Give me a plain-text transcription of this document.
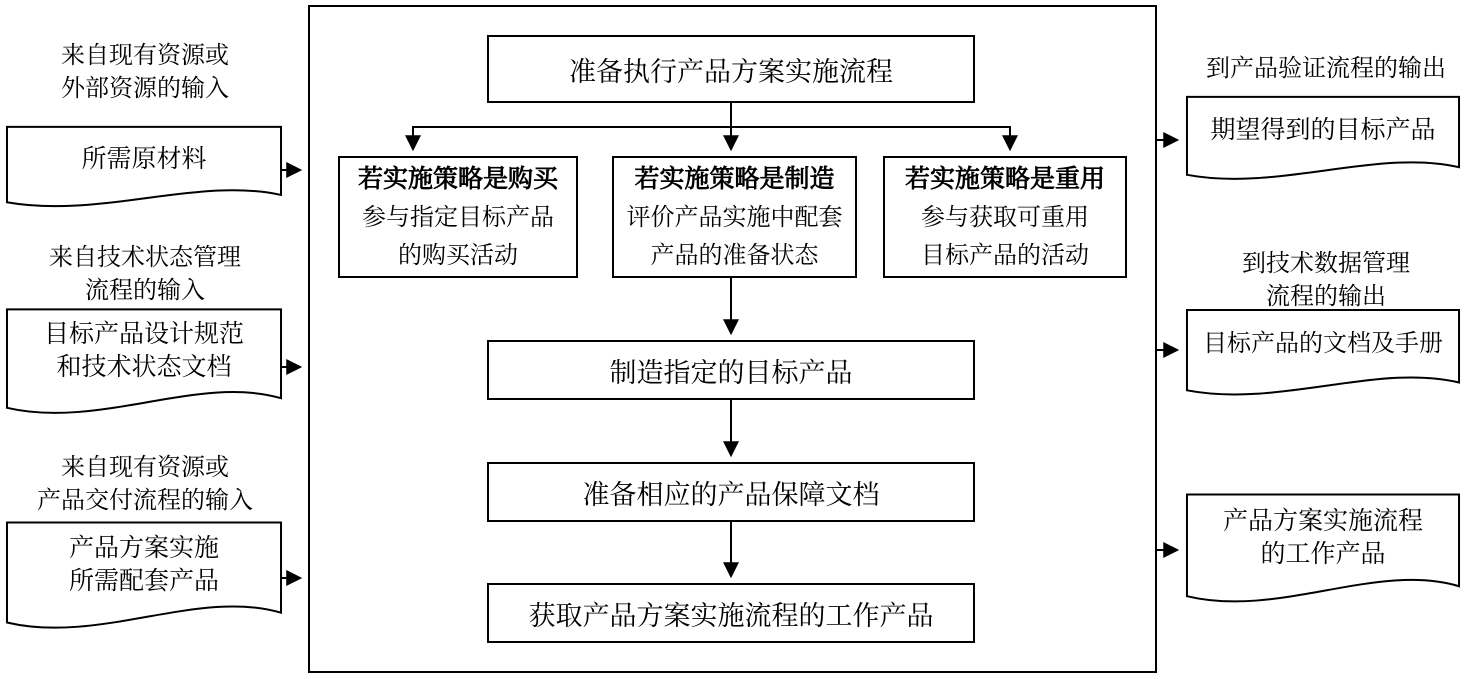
准备执行产品方案实施流程
若实施策略是购买
参与指定目标产品
的购买活动
若实施策略是制造
评价产品实施中配套
产品的准备状态
若实施策略是重用
参与获取可重用
目标产品的活动
制造指定的目标产品
准备相应的产品保障文档
获取产品方案实施流程的工作产品
来自现有资源或
外部资源的输入
所需原材料
来自技术状态管理
流程的输入
目标产品设计规范
和技术状态文档
来自现有资源或
产品交付流程的输入
产品方案实施
所需配套产品
到产品验证流程的输出
期望得到的目标产品
到技术数据管理
流程的输出
目标产品的文档及手册
产品方案实施流程
的工作产品
